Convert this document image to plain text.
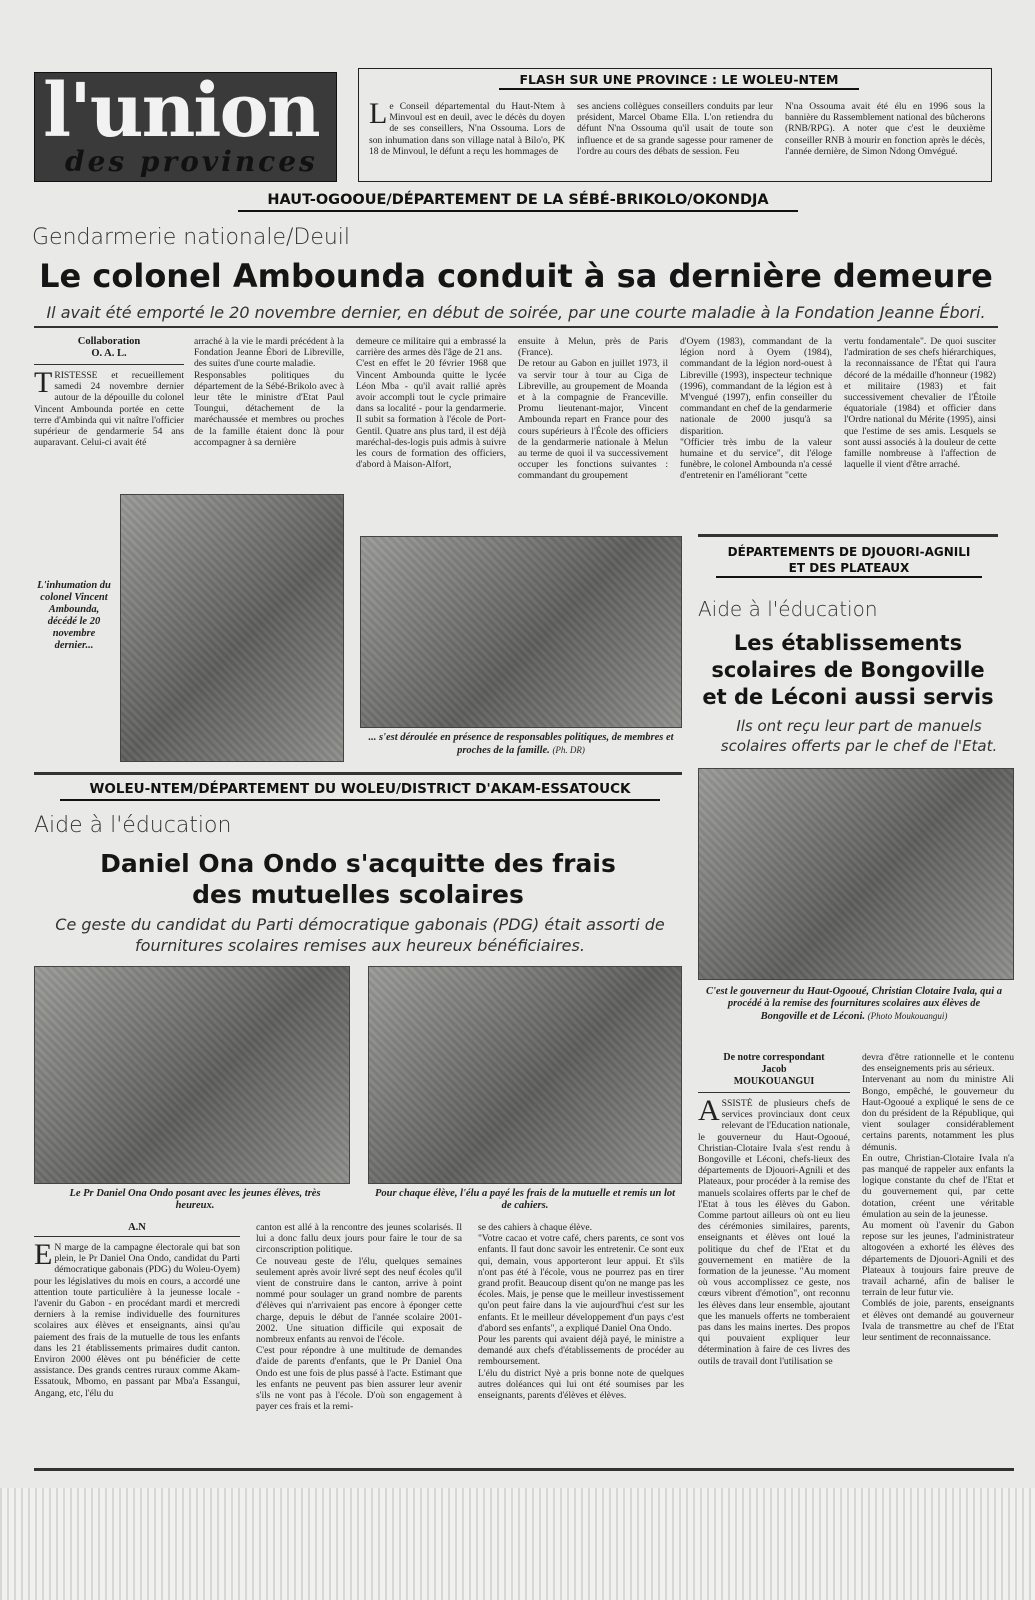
l'union
des provinces
FLASH SUR UNE PROVINCE : LE WOLEU-NTEM
Le Conseil départemental du Haut-Ntem à Minvoul est en deuil, avec le décès du doyen de ses conseillers, N'na Ossouma. Lors de son inhumation dans son village natal à Bilo'o, PK 18 de Minvoul, le défunt a reçu les hommages de
ses anciens collègues conseillers conduits par leur président, Marcel Obame Ella. L'on retiendra du défunt N'na Ossouma qu'il usait de toute son influence et de sa grande sagesse pour ramener de l'ordre au cours des débats de session. Feu
N'na Ossouma avait été élu en 1996 sous la bannière du Rassemblement national des bûcherons (RNB/RPG). A noter que c'est le deuxième conseiller RNB à mourir en fonction après le décès, l'année dernière, de Simon Ndong Omvégué.
HAUT-OGOOUE/DÉPARTEMENT DE LA SÉBÉ-BRIKOLO/OKONDJA
Gendarmerie nationale/Deuil
Le colonel Ambounda conduit à sa dernière demeure
Il avait été emporté le 20 novembre dernier, en début de soirée, par une courte maladie à la Fondation Jeanne Ébori.
Collaboration
O. A. L.
TRISTESSE et recueillement samedi 24 novembre dernier autour de la dépouille du colonel Vincent Ambounda portée en cette terre d'Ambinda qui vit naître l'officier supérieur de gendarmerie 54 ans auparavant. Celui-ci avait été
arraché à la vie le mardi précédent à la Fondation Jeanne Ébori de Libreville, des suites d'une courte maladie.
Responsables politiques du département de la Sébé-Brikolo avec à leur tête le ministre d'Etat Paul Toungui, détachement de la maréchaussée et membres ou proches de la famille étaient donc là pour accompagner à sa dernière
demeure ce militaire qui a embrassé la carrière des armes dès l'âge de 21 ans.
C'est en effet le 20 février 1968 que Vincent Ambounda quitte le lycée Léon Mba - qu'il avait rallié après avoir accompli tout le cycle primaire dans sa localité - pour la gendarmerie. Il subit sa formation à l'école de Port-Gentil. Quatre ans plus tard, il est déjà maréchal-des-logis puis admis à suivre les cours de formation des officiers, d'abord à Maison-Alfort,
ensuite à Melun, près de Paris (France).
De retour au Gabon en juillet 1973, il va servir tour à tour au Ciga de Libreville, au groupement de Moanda et à la compagnie de Franceville. Promu lieutenant-major, Vincent Ambounda repart en France pour des cours supérieurs à l'École des officiers de la gendarmerie nationale à Melun au terme de quoi il va successivement occuper les fonctions suivantes : commandant du groupement
d'Oyem (1983), commandant de la légion nord à Oyem (1984), commandant de la légion nord-ouest à Libreville (1993), inspecteur technique (1996), commandant de la légion est à M'vengué (1997), enfin conseiller du commandant en chef de la gendarmerie nationale de 2000 jusqu'à sa disparition.
"Officier très imbu de la valeur humaine et du service", dit l'éloge funèbre, le colonel Ambounda n'a cessé d'entretenir en l'améliorant "cette
vertu fondamentale". De quoi susciter l'admiration de ses chefs hiérarchiques, la reconnaissance de l'État qui l'aura décoré de la médaille d'honneur (1982) et militaire (1983) et fait successivement chevalier de l'Étoile équatoriale (1984) et officier dans l'Ordre national du Mérite (1995), ainsi que l'estime de ses amis. Lesquels se sont aussi associés à la douleur de cette famille nombreuse à l'affection de laquelle il vient d'être arraché.
L'inhumation du colonel Vincent Ambounda, décédé le 20 novembre dernier...
... s'est déroulée en présence de responsables politiques, de membres et proches de la famille. (Ph. DR)
DÉPARTEMENTS DE DJOUORI-AGNILI
ET DES PLATEAUX
Aide à l'éducation
Les établissements
scolaires de Bongoville
et de Léconi aussi servis
Ils ont reçu leur part de manuels scolaires offerts par le chef de l'Etat.
C'est le gouverneur du Haut-Ogooué, Christian Clotaire Ivala, qui a procédé à la remise des fournitures scolaires aux élèves de Bongoville et de Léconi. (Photo Moukouangui)
De notre correspondant
Jacob
MOUKOUANGUI
ASSISTÉ de plusieurs chefs de services provinciaux dont ceux relevant de l'Education nationale, le gouverneur du Haut-Ogooué, Christian-Clotaire Ivala s'est rendu à Bongoville et Léconi, chefs-lieux des départements de Djouori-Agnili et des Plateaux, pour procéder à la remise des manuels scolaires offerts par le chef de l'Etat à tous les élèves du Gabon. Comme partout ailleurs où ont eu lieu des cérémonies similaires, parents, enseignants et élèves ont loué la politique du chef de l'Etat et du gouvernement en matière de la formation de la jeunesse. "Au moment où vous accomplissez ce geste, nos cœurs vibrent d'émotion", ont reconnu les élèves dans leur ensemble, ajoutant que les manuels offerts ne tomberaient pas dans les mains inertes. Des propos qui pouvaient expliquer leur détermination à faire de ces livres des outils de travail dont l'utilisation se
devra d'être rationnelle et le contenu des enseignements pris au sérieux.
Intervenant au nom du ministre Ali Bongo, empêché, le gouverneur du Haut-Ogooué a expliqué le sens de ce don du président de la République, qui vient soulager considérablement certains parents, notamment les plus démunis.
En outre, Christian-Clotaire Ivala n'a pas manqué de rappeler aux enfants la logique constante du chef de l'Etat et du gouvernement qui, par cette dotation, créent une véritable émulation au sein de la jeunesse.
Au moment où l'avenir du Gabon repose sur les jeunes, l'administrateur altogovéen a exhorté les élèves des départements de Djouori-Agnili et des Plateaux à toujours faire preuve de travail acharné, afin de baliser le terrain de leur futur vie.
Comblés de joie, parents, enseignants et élèves ont demandé au gouverneur Ivala de transmettre au chef de l'Etat leur sentiment de reconnaissance.
WOLEU-NTEM/DÉPARTEMENT DU WOLEU/DISTRICT D'AKAM-ESSATOUCK
Aide à l'éducation
Daniel Ona Ondo s'acquitte des frais
des mutuelles scolaires
Ce geste du candidat du Parti démocratique gabonais (PDG) était assorti de fournitures scolaires remises aux heureux bénéficiaires.
Le Pr Daniel Ona Ondo posant avec les jeunes élèves, très heureux.
Pour chaque élève, l'élu a payé les frais de la mutuelle et remis un lot de cahiers.
A.N
E N marge de la campagne électorale qui bat son plein, le Pr Daniel Ona Ondo, candidat du Parti démocratique gabonais (PDG) du Woleu-Oyem) pour les législatives du mois en cours, a accordé une attention toute particulière à la jeunesse locale - l'avenir du Gabon - en procédant mardi et mercredi derniers à la remise individuelle des fournitures scolaires aux élèves et enseignants, ainsi qu'au paiement des frais de la mutuelle de tous les enfants dans les 21 établissements primaires dudit canton. Environ 2000 élèves ont pu bénéficier de cette assistance. Des grands centres ruraux comme Akam-Essatouk, Mbomo, en passant par Mba'a Essangui, Angang, etc, l'élu du
canton est allé à la rencontre des jeunes scolarisés. Il lui a donc fallu deux jours pour faire le tour de sa circonscription politique.
Ce nouveau geste de l'élu, quelques semaines seulement après avoir livré sept des neuf écoles qu'il vient de construire dans le canton, arrive à point nommé pour soulager un grand nombre de parents d'élèves qui n'arrivaient pas encore à éponger cette charge, depuis le début de l'année scolaire 2001-2002. Une situation difficile qui exposait de nombreux enfants au renvoi de l'école.
C'est pour répondre à une multitude de demandes d'aide de parents d'enfants, que le Pr Daniel Ona Ondo est une fois de plus passé à l'acte. Estimant que les enfants ne peuvent pas bien assurer leur avenir s'ils ne vont pas à l'école. D'où son engagement à payer ces frais et la remi-
se des cahiers à chaque élève.
"Votre cacao et votre café, chers parents, ce sont vos enfants. Il faut donc savoir les entretenir. Ce sont eux qui, demain, vous apporteront leur appui. Et s'ils n'ont pas été à l'école, vous ne pourrez pas en tirer grand profit. Beaucoup disent qu'on ne mange pas les écoles. Mais, je pense que le meilleur investissement qu'on peut faire dans la vie aujourd'hui c'est sur les enfants. Et le meilleur développement d'un pays c'est d'abord ses enfants", a expliqué Daniel Ona Ondo.
Pour les parents qui avaient déjà payé, le ministre a demandé aux chefs d'établissements de procéder au remboursement.
L'élu du district Nyè a pris bonne note de quelques autres doléances qui lui ont été soumises par les enseignants, parents d'élèves et élèves.
